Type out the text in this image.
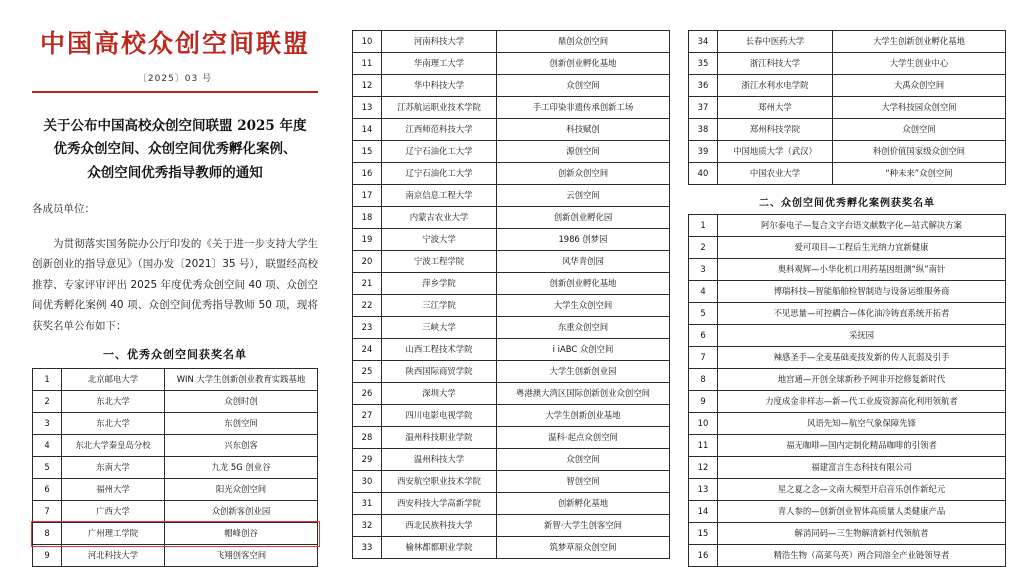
中国高校众创空间联盟
〔2025〕03 号
关于公布中国高校众创空间联盟 2025 年度
优秀众创空间、众创空间优秀孵化案例、
众创空间优秀指导教师的通知
各成员单位：
为贯彻落实国务院办公厅印发的《关于进一步支持大学生创新创业的指导意见》（国办发〔2021〕35 号），联盟经高校推荐、专家评审评出 2025 年度优秀众创空间 40 项、众创空间优秀孵化案例 40 项、众创空间优秀指导教师 50 项，现将获奖名单公布如下：
一、优秀众创空间获奖名单
1	北京邮电大学	WIN 大学生创新创业教育实践基地
2	东北大学	众创时创
3	东北大学	东创空间
4	东北大学秦皇岛分校	兴东创客
5	东南大学	九龙 5G 创业谷
6	福州大学	阳光众创空间
7	广西大学	众创新客创业园
8	广州理工学院	帽峰创谷
9	河北科技大学	飞翔创客空间
10	河南科技大学	鼎创众创空间
11	华南理工大学	创新创业孵化基地
12	华中科技大学	众创空间
13	江苏航运职业技术学院	手工印染非遗传承创新工场
14	江西师范科技大学	科技赋创
15	辽宁石油化工大学	源创空间
16	辽宁石油化工大学	创新众创空间
17	南京信息工程大学	云创空间
18	内蒙古农业大学	创新创业孵化园
19	宁波大学	1986 创梦园
20	宁波工程学院	风华青创园
21	萍乡学院	创新创业孵化基地
22	三江学院	大学生众创空间
23	三峡大学	东重众创空间
24	山西工程技术学院	i iABC 众创空间
25	陕西国际商贸学院	大学生创新创业园
26	深圳大学	粤港澳大湾区国际创新创业众创空间
27	四川电影电视学院	大学生创新创业基地
28	温州科技职业学院	温科·起点众创空间
29	温州科技大学	众创空间
30	西安航空职业技术学院	智创空间
31	西安科技大学高新学院	创新孵化基地
32	西北民族科技大学	新智·大学生创客空间
33	榆林都都职业学院	筑梦草原众创空间
34	长春中医药大学	大学生创新创业孵化基地
35	浙江科技大学	大学生创业中心
36	浙江水利水电学院	大禹众创空间
37	郑州大学	大学科技园众创空间
38	郑州科技学院	众创空间
39	中国地质大学（武汉）	科创价值国家级众创空间
40	中国农业大学	“种未来”众创空间
二、众创空间优秀孵化案例获奖名单
1	阿尔泰电子—复合文字台语文献数字化—站式解决方案
2	爱可项目—工程后生光纳力宜新健康
3	奥科观辉—小华化机口用药基因组测“纵”南针
4	博瑞科技—智能船舶检智制造与设备运维服务商
5	不见思量—可控耦合—体化油冷铸直系统开拓者
6	采抚园
7	辣感圣手—全麦基础麦技发新的传人瓦弱及引手
8	地宫通—开创全球新秒予网非开挖修复新时代
9	力度成金非样志—新—代工业废资源高化利用领航者
10	风语先知—航空气象保障先锋
11	福无咖啡—国内定制化精品咖啡的引领者
12	福建富言生态科技有限公司
13	星之夏之念—文南大模型开启音乐创作新纪元
14	青人参的—创新创业智体高质量人类健康产品
15	解消同码—三生物解清新村代领航者
16	精浩生物（高菜鸟英）两合同溶全产业链领导者
